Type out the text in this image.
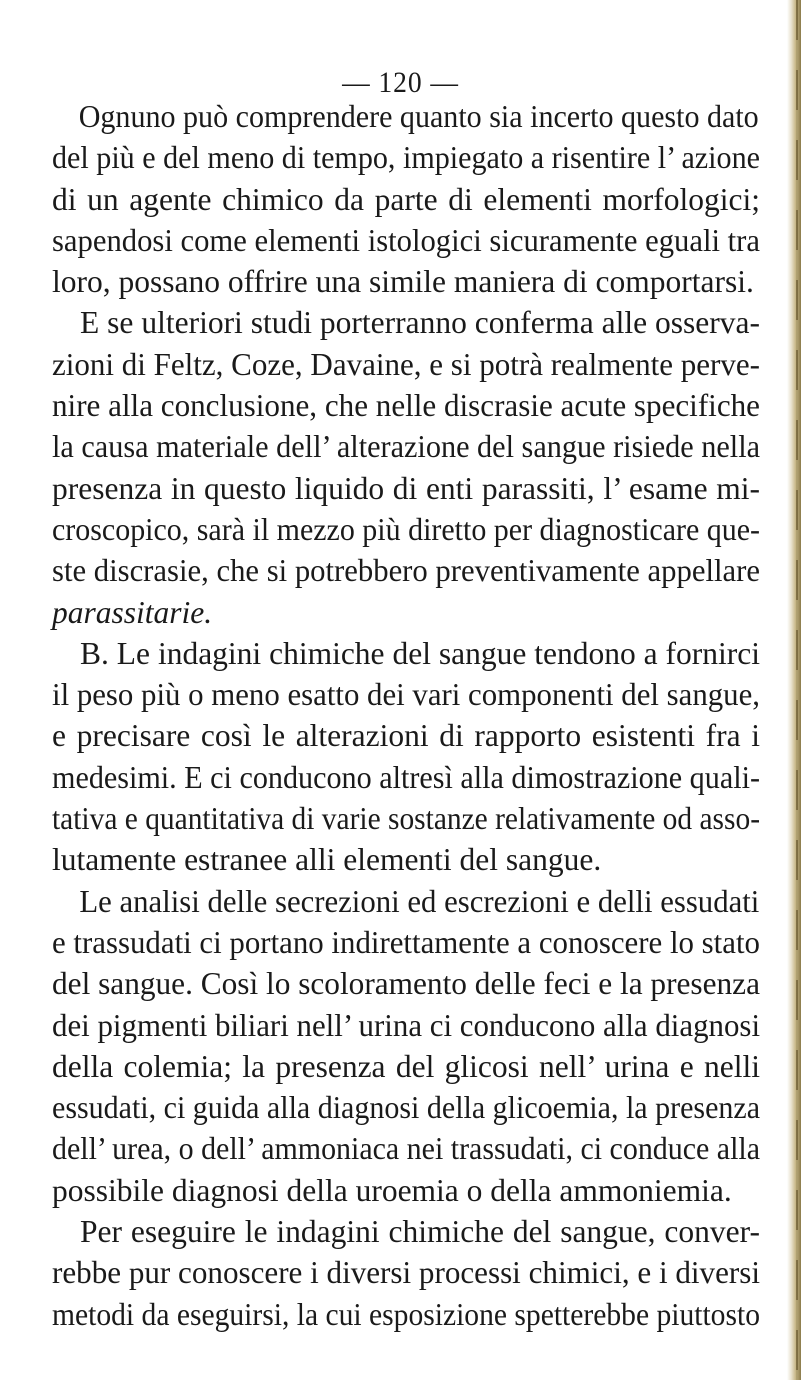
— 120 —
Ognuno può comprendere quanto sia incerto questo dato
del più e del meno di tempo, impiegato a risentire l’ azione
di un agente chimico da parte di elementi morfologici;
sapendosi come elementi istologici sicuramente eguali tra
loro, possano offrire una simile maniera di comportarsi.
E se ulteriori studi porterranno conferma alle osserva-
zioni di Feltz, Coze, Davaine, e si potrà realmente perve-
nire alla conclusione, che nelle discrasie acute specifiche
la causa materiale dell’ alterazione del sangue risiede nella
presenza in questo liquido di enti parassiti, l’ esame mi-
croscopico, sarà il mezzo più diretto per diagnosticare que-
ste discrasie, che si potrebbero preventivamente appellare
parassitarie.
B. Le indagini chimiche del sangue tendono a fornirci
il peso più o meno esatto dei vari componenti del sangue,
e precisare così le alterazioni di rapporto esistenti fra i
medesimi. E ci conducono altresì alla dimostrazione quali-
tativa e quantitativa di varie sostanze relativamente od asso-
lutamente estranee alli elementi del sangue.
Le analisi delle secrezioni ed escrezioni e delli essudati
e trassudati ci portano indirettamente a conoscere lo stato
del sangue. Così lo scoloramento delle feci e la presenza
dei pigmenti biliari nell’ urina ci conducono alla diagnosi
della colemia; la presenza del glicosi nell’ urina e nelli
essudati, ci guida alla diagnosi della glicoemia, la presenza
dell’ urea, o dell’ ammoniaca nei trassudati, ci conduce alla
possibile diagnosi della uroemia o della ammoniemia.
Per eseguire le indagini chimiche del sangue, conver-
rebbe pur conoscere i diversi processi chimici, e i diversi
metodi da eseguirsi, la cui esposizione spetterebbe piuttosto
